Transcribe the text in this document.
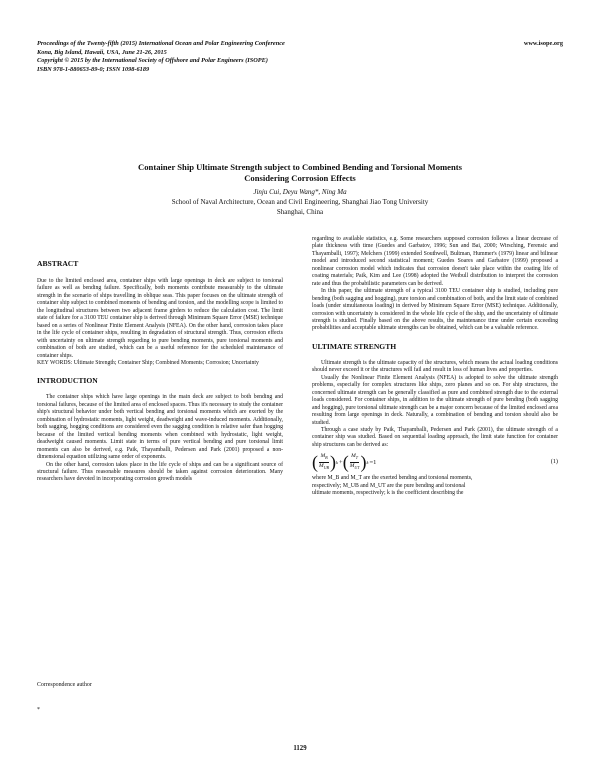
Proceedings of the Twenty-fifth (2015) International Ocean and Polar Engineering Conference
Kona, Big Island, Hawaii, USA, June 21-26, 2015
Copyright © 2015 by the International Society of Offshore and Polar Engineers (ISOPE)
ISBN 978-1-880653-89-0; ISSN 1098-6189
www.isope.org
Container Ship Ultimate Strength subject to Combined Bending and Torsional Moments
Considering Corrosion Effects
Jinju Cui, Deyu Wang*, Ning Ma
School of Naval Architecture, Ocean and Civil Engineering, Shanghai Jiao Tong University
Shanghai, China

ABSTRACT

Due to the limited enclosed area, container ships with large openings in deck are subject to torsional failure as well as bending failure. Specifically, both moments contribute measurably to the ultimate strength in the scenario of ships travelling in oblique seas. This paper focuses on the ultimate strength of container ship subject to combined moments of bending and torsion, and the modelling scope is limited to the longitudinal structures between two adjacent frame girders to reduce the calculation cost. The limit state of failure for a 3100 TEU container ship is derived through Minimum Square Error (MSE) technique based on a series of Nonlinear Finite Element Analysis (NFEA). On the other hand, corrosion takes place in the life cycle of container ships, resulting in degradation of structural strength. Thus, corrosion effects with uncertainty on ultimate strength regarding to pure bending moments, pure torsional moments and combination of both are studied, which can be a useful reference for the scheduled maintenance of container ships.

KEY WORDS: Ultimate Strength; Container Ship; Combined Moments; Corrosion; Uncertainty

INTRODUCTION

The container ships which have large openings in the main deck are subject to both bending and torsional failures, because of the limited area of enclosed spaces. Thus it's necessary to study the container ship's structural behavior under both vertical bending and torsional moments which are exerted by the combination of hydrostatic moments, light weight, deadweight and wave-induced moments. Additionally, both sagging, hogging conditions are considered even the sagging condition is relative safer than hogging because of the limited vertical bending moments when combined with hydrostatic, light weight, deadweight caused moments. Limit state in terms of pure vertical bending and pure torsional limit moments can also be derived, e.g. Paik, Thayamballi, Pedersen and Park (2001) proposed a non-dimensional equation utilizing same order of exponents.

On the other hand, corrosion takes place in the life cycle of ships and can be a significant source of structural failure. Thus reasonable measures should be taken against corrosion deterioration. Many researchers have devoted in incorporating corrosion growth models

regarding to available statistics, e.g. Some researchers supposed corrosion follows a linear decrease of plate thickness with time (Guedes and Garbatov, 1996; Sun and Bai, 2000; Wirsching, Ferensic and Thayamballi, 1997); Melchers (1999) extended Southwell, Bultman, Hummer's (1979) linear and bilinear model and introduced second statistical moment; Guedes Soares and Garbatov (1999) proposed a nonlinear corrosion model which indicates that corrosion doesn't take place within the coating life of coating materials; Paik, Kim and Lee (1998) adopted the Weibull distribution to interpret the corrosion rate and thus the probabilistic parameters can be derived.

In this paper, the ultimate strength of a typical 3100 TEU container ship is studied, including pure bending (both sagging and hogging), pure torsion and combination of both, and the limit state of combined loads (under simultaneous loading) in derived by Minimum Square Error (MSE) technique. Additionally, corrosion with uncertainty is considered in the whole life cycle of the ship, and the uncertainty of ultimate strength is studied. Finally based on the above results, the maintenance time under certain exceeding probabilities and acceptable ultimate strengths can be obtained, which can be a valuable reference.

ULTIMATE STRENGTH

Ultimate strength is the ultimate capacity of the structures, which means the actual loading conditions should never exceed it or the structures will fail and result in loss of human lives and properties.

Usually the Nonlinear Finite Element Analysis (NFEA) is adopted to solve the ultimate strength problems, especially for complex structures like ships, zero planes and so on. For ship structures, the concerned ultimate strength can be generally classified as pure and combined strength due to the external loads considered. For container ships, in addition to the ultimate strength of pure bending (both sagging and hogging), pure torsional ultimate strength can be a major concern because of the limited enclosed area resulting from large openings in deck. Naturally, a combination of bending and torsion should also be studied.

Through a case study by Paik, Thayamballi, Pedersen and Park (2001), the ultimate strength of a container ship was studied. Based on sequential loading approach, the limit state function for container ship structures can be derived as:

( $\frac{M_B}{M_{UB}}$ ) k + ( $\frac{M_T}{M_{UT}}$ ) k =1	(1)

where M_B and M_T are the exerted bending and torsional moments,

respectively; M_UB and M_UT are the pure bending and torsional

ultimate moments, respectively; k is the coefficient describing the

Correspondence author
*
1129
